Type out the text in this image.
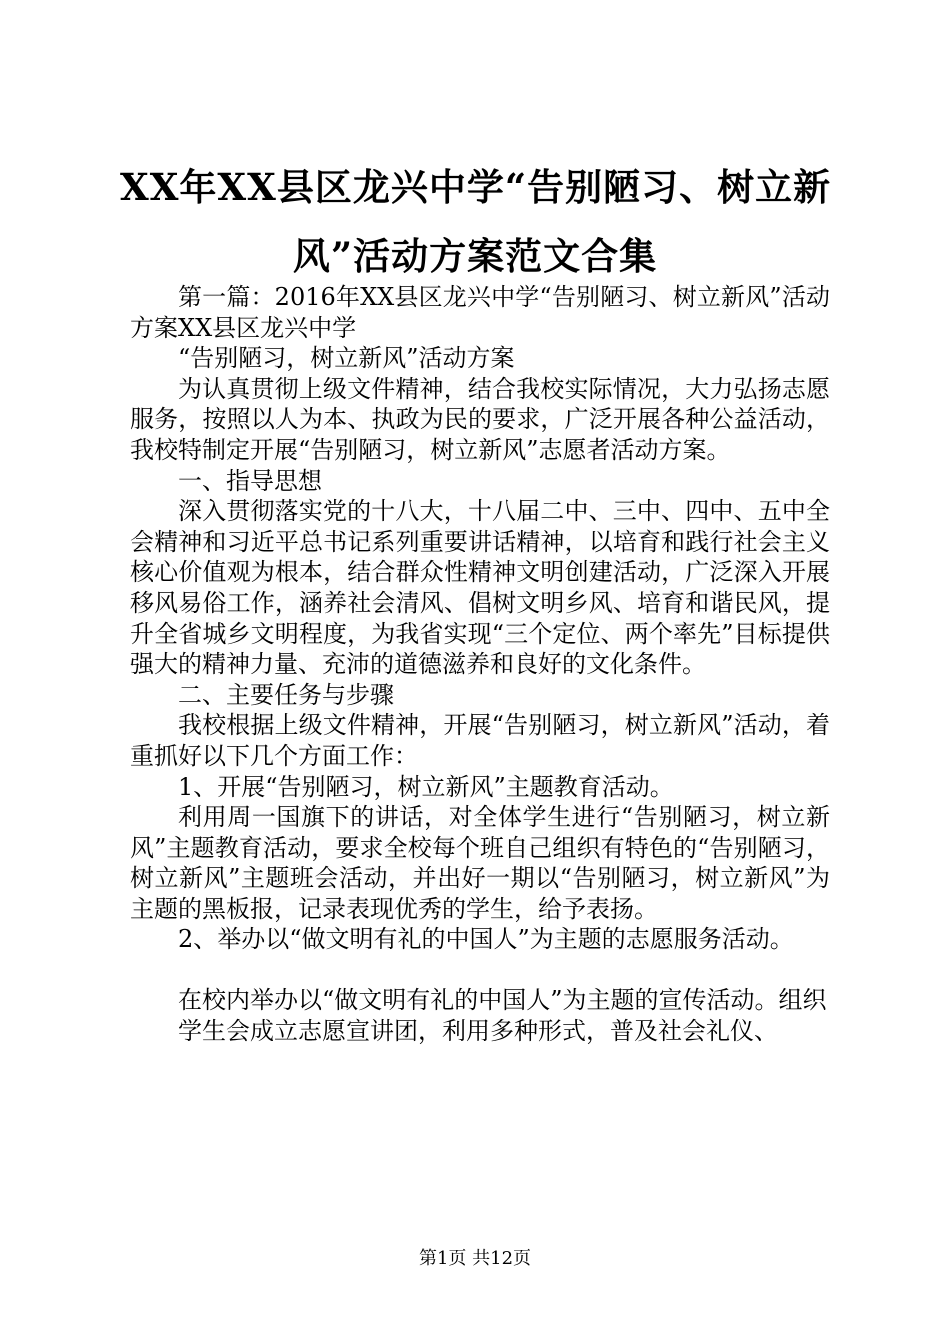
XX年XX县区龙兴中学“告别陋习、树立新
风”活动方案范文合集

第一篇：2016年XX县区龙兴中学“告别陋习、树立新风”活动方案XX县区龙兴中学

“告别陋习，树立新风”活动方案

为认真贯彻上级文件精神，结合我校实际情况，大力弘扬志愿服务，按照以人为本、执政为民的要求，广泛开展各种公益活动，我校特制定开展“告别陋习，树立新风”志愿者活动方案。

一、指导思想

深入贯彻落实党的十八大，十八届二中、三中、四中、五中全会精神和习近平总书记系列重要讲话精神，以培育和践行社会主义核心价值观为根本，结合群众性精神文明创建活动，广泛深入开展移风易俗工作，涵养社会清风、倡树文明乡风、培育和谐民风，提升全省城乡文明程度，为我省实现“三个定位、两个率先”目标提供强大的精神力量、充沛的道德滋养和良好的文化条件。

二、主要任务与步骤

我校根据上级文件精神，开展“告别陋习，树立新风”活动，着重抓好以下几个方面工作：

1、开展“告别陋习，树立新风”主题教育活动。

利用周一国旗下的讲话，对全体学生进行“告别陋习，树立新风”主题教育活动，要求全校每个班自己组织有特色的“告别陋习，树立新风”主题班会活动，并出好一期以“告别陋习，树立新风”为主题的黑板报，记录表现优秀的学生，给予表扬。

2、举办以“做文明有礼的中国人”为主题的志愿服务活动。

在校内举办以“做文明有礼的中国人”为主题的宣传活动。组织

学生会成立志愿宣讲团，利用多种形式，普及社会礼仪、

第1页 共12页
